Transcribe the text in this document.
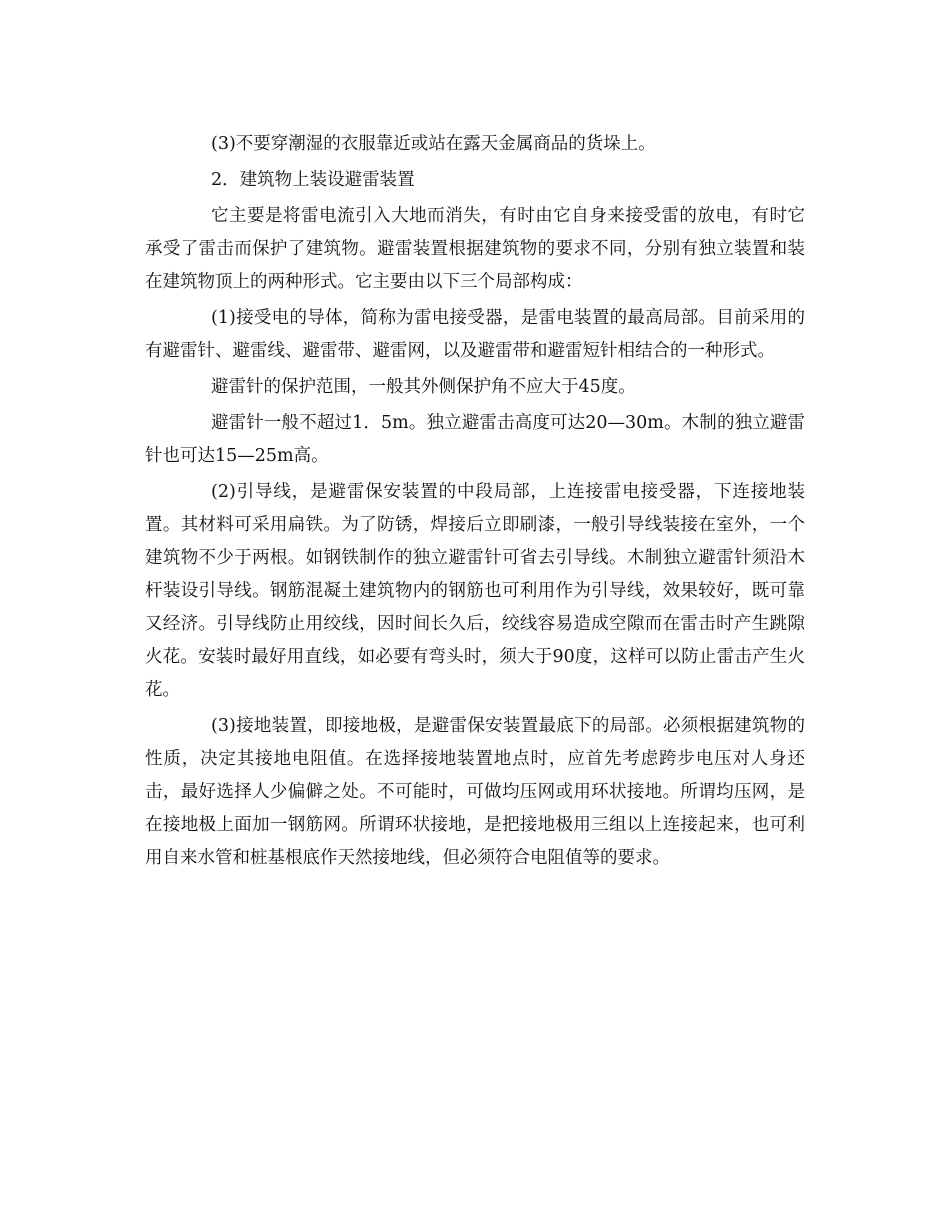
(3)不要穿潮湿的衣服靠近或站在露天金属商品的货垛上。

2．建筑物上装设避雷装置

它主要是将雷电流引入大地而消失，有时由它自身来接受雷的放电，有时它承受了雷击而保护了建筑物。避雷装置根据建筑物的要求不同，分别有独立装置和装在建筑物顶上的两种形式。它主要由以下三个局部构成：

(1)接受电的导体，简称为雷电接受器，是雷电装置的最高局部。目前采用的有避雷针、避雷线、避雷带、避雷网，以及避雷带和避雷短针相结合的一种形式。

避雷针的保护范围，一般其外侧保护角不应大于45度。

避雷针一般不超过1．5m。独立避雷击高度可达20—30m。木制的独立避雷针也可达15—25m高。

(2)引导线，是避雷保安装置的中段局部，上连接雷电接受器，下连接地装置。其材料可采用扁铁。为了防锈，焊接后立即刷漆，一般引导线装接在室外，一个建筑物不少于两根。如钢铁制作的独立避雷针可省去引导线。木制独立避雷针须沿木杆装设引导线。钢筋混凝土建筑物内的钢筋也可利用作为引导线，效果较好，既可靠又经济。引导线防止用绞线，因时间长久后，绞线容易造成空隙而在雷击时产生跳隙火花。安装时最好用直线，如必要有弯头时，须大于90度，这样可以防止雷击产生火花。

(3)接地装置，即接地极，是避雷保安装置最底下的局部。必须根据建筑物的性质，决定其接地电阻值。在选择接地装置地点时，应首先考虑跨步电压对人身还击，最好选择人少偏僻之处。不可能时，可做均压网或用环状接地。所谓均压网，是在接地极上面加一钢筋网。所谓环状接地，是把接地极用三组以上连接起来，也可利用自来水管和桩基根底作天然接地线，但必须符合电阻值等的要求。
